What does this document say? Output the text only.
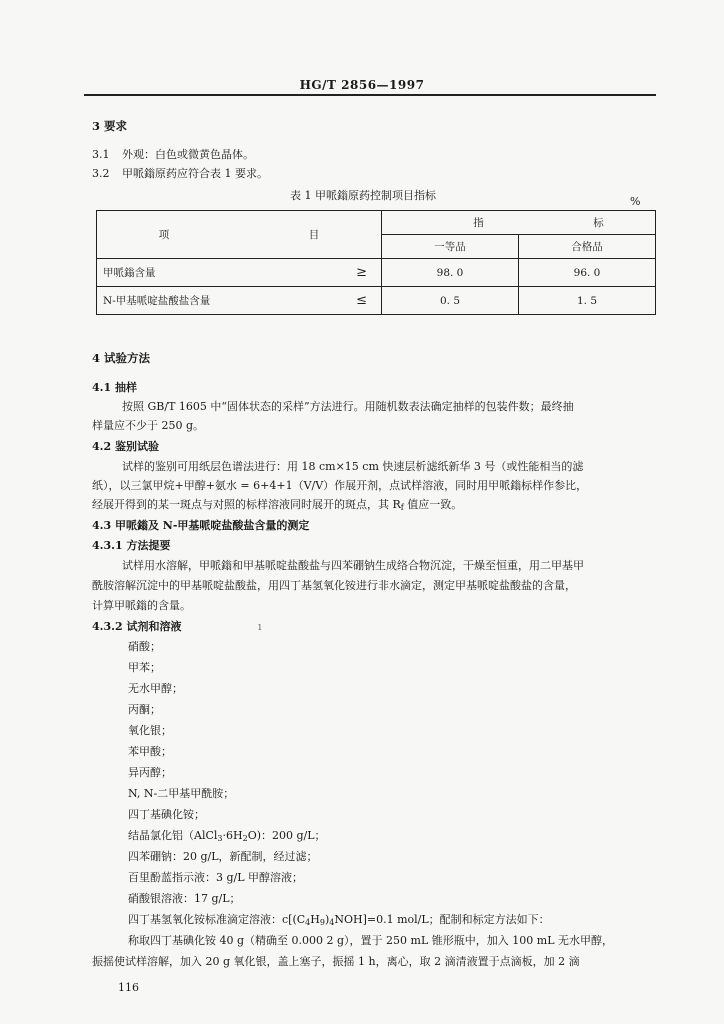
HG/T 2856—1997
3 要求
3.1 外观：白色或微黄色晶体。
3.2 甲哌鎓原药应符合表 1 要求。
表 1 甲哌鎓原药控制项目指标	%
项 目		指 标	
		一等品	合格品
甲哌鎓含量	≥	98. 0	96. 0
N-甲基哌啶盐酸盐含量	≤	0. 5	1. 5
4 试验方法
4.1 抽样
按照 GB/T 1605 中“固体状态的采样”方法进行。用随机数表法确定抽样的包装件数；最终抽
样量应不少于 250 g。
4.2 鉴别试验
试样的鉴别可用纸层色谱法进行：用 18 cm×15 cm 快速层析滤纸新华 3 号（或性能相当的滤
纸），以三氯甲烷+甲醇+氨水 = 6+4+1（V/V）作展开剂，点试样溶液，同时用甲哌鎓标样作参比，
经展开得到的某一斑点与对照的标样溶液同时展开的斑点，其 $R_f$ 值应一致。
4.3 甲哌鎓及 N-甲基哌啶盐酸盐含量的测定
4.3.1 方法提要
试样用水溶解，甲哌鎓和甲基哌啶盐酸盐与四苯硼钠生成络合物沉淀，干燥至恒重，用二甲基甲
酰胺溶解沉淀中的甲基哌啶盐酸盐，用四丁基氢氧化铵进行非水滴定，测定甲基哌啶盐酸盐的含量，
计算甲哌鎓的含量。
4.3.2 试剂和溶液	ı
硝酸；
甲苯；
无水甲醇；
丙酮；
氧化银；
苯甲酸；
异丙醇；
N, N-二甲基甲酰胺；
四丁基碘化铵；
结晶氯化铝$(AlCl_3\cdot 6H_2O)$：200 g/L；
四苯硼钠：20 g/L，新配制，经过滤；
百里酚蓝指示液：3 g/L 甲醇溶液；
硝酸银溶液：17 g/L；
四丁基氢氧化铵标准滴定溶液：$c[(C_4H_9)_4NOH]=0.1$ mol/L；配制和标定方法如下：
称取四丁基碘化铵 40 g（精确至 0.000 2 g），置于 250 mL 锥形瓶中，加入 100 mL 无水甲醇，
振摇使试样溶解，加入 20 g 氧化银，盖上塞子，振摇 1 h，离心，取 2 滴清液置于点滴板，加 2 滴
116
